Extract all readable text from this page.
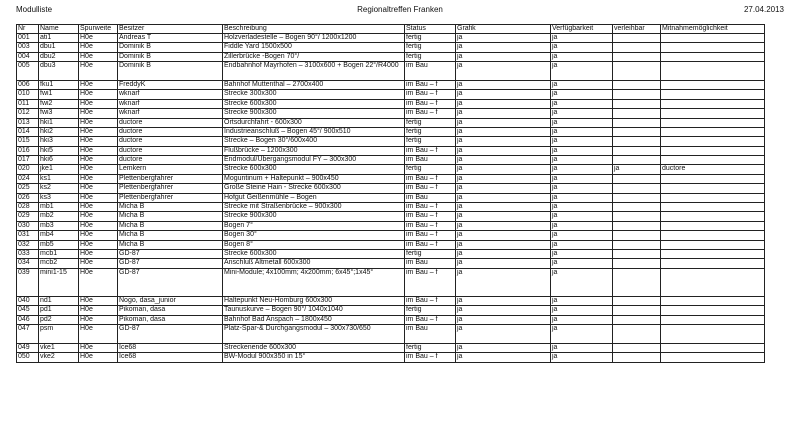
Modulliste	Regionaltreffen Franken	27.04.2013
Nr	Name	Spurweite	Besitzer	Beschreibung	Status	Grafik	Verfügbarkeit	verleihbar	Mitnahmemöglichkeit
001	ati1	H0e	Andreas T	Holzverladestelle – Bogen 90°/ 1200x1200	fertig	ja	ja		
003	dbu1	H0e	Dominik B	Fiddle Yard 1500x500	fertig	ja	ja		
004	dbu2	H0e	Dominik B	Zillerbrücke -Bogen 70°/	fertig	ja	ja		
005	dbu3	H0e	Dominik B	Endbahnhof Mayrhofen – 3100x600 + Bogen 22°/R4000	im Bau	ja	ja		
006	fku1	H0e	FreddyK	Bahnhof Muttenthal – 2700x400	im Bau – f	ja	ja		
010	fwi1	H0e	wknarf	Strecke 300x300	im Bau – f	ja	ja		
011	fwi2	H0e	wknarf	Strecke 600x300	im Bau – f	ja	ja		
012	fwi3	H0e	wknarf	Strecke 900x300	im Bau – f	ja	ja		
013	hki1	H0e	ductore	Ortsdurchfahrt - 600x300	fertig	ja	ja		
014	hki2	H0e	ductore	Industrieanschluß – Bogen 45°/ 900x510	fertig	ja	ja		
015	hki3	H0e	ductore	Strecke – Bogen 30°/600x400	fertig	ja	ja		
016	hki5	H0e	ductore	Flußbrücke – 1200x300	im Bau – f	ja	ja		
017	hki6	H0e	ductore	Endmodul/Übergangsmodul FY – 300x300	im Bau	ja	ja		
020	jke1	H0e	Lemkern	Strecke 600x300	fertig	ja	ja	ja	ductore
024	ks1	H0e	Plettenbergfahrer	Moguntinum + Haltepunkt – 900x450	im Bau – f	ja	ja		
025	ks2	H0e	Plettenbergfahrer	Große Steine Hain - Strecke 600x300	im Bau – f	ja	ja		
026	ks3	H0e	Plettenbergfahrer	Hofgut Geißenmühle – Bogen	im Bau	ja	ja		
028	mb1	H0e	Micha B	Strecke mit Straßenbrücke – 900x300	im Bau – f	ja	ja		
029	mb2	H0e	Micha B	Strecke 900x300	im Bau – f	ja	ja		
030	mb3	H0e	Micha B	Bogen 7°	im Bau – f	ja	ja		
031	mb4	H0e	Micha B	Bogen 30°	im Bau – f	ja	ja		
032	mb5	H0e	Micha B	Bogen 8°	im Bau – f	ja	ja		
033	mcb1	H0e	GD-87	Strecke 600x300	fertig	ja	ja		
034	mcb2	H0e	GD-87	Anschluß Altmetall 600x300	im Bau	ja	ja		
039	mini1-15	H0e	GD-87	Mini-Module; 4x100mm; 4x200mm; 6x45°;1x45°	im Bau – f	ja	ja		
040	nd1	H0e	Nogo, dasa_junior	Haltepunkt Neu-Homburg 600x300	im Bau – f	ja	ja		
045	pd1	H0e	Pikoman, dasa	Taunuskurve – Bogen 90°/ 1040x1040	fertig	ja	ja		
046	pd2	H0e	Pikoman, dasa	Bahnhof Bad Anspach – 1800x450	im Bau – f	ja	ja		
047	psm	H0e	GD-87	Platz-Spar-& Durchgangsmodul – 300x730/650	im Bau	ja	ja		
049	vke1	H0e	Ice68	Streckenende 600x300	fertig	ja	ja		
050	vke2	H0e	Ice68	BW-Modul 900x350 in 15°	im Bau – f	ja	ja		
